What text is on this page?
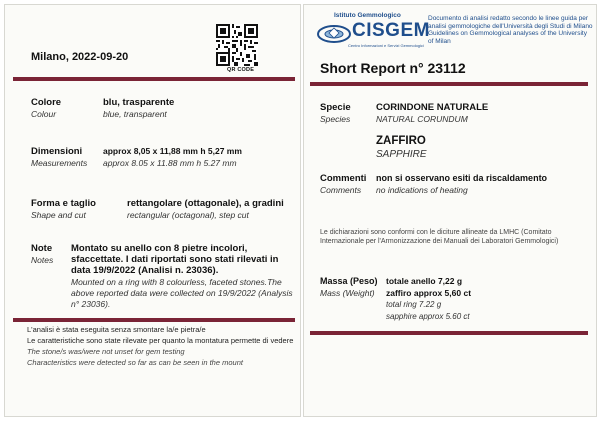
Milano, 2022-09-20
QR CODE
Colore
Colour
blu, trasparente
blue, transparent
Dimensioni
Measurements
approx 8,05 x 11,88 mm h 5,27 mm
approx 8.05 x 11.88 mm h 5.27 mm
Forma e taglio
Shape and cut
rettangolare (ottagonale), a gradini
rectangular (octagonal), step cut
Note
Notes
Montato su anello con 8 pietre incolori, sfaccettate. I dati riportati sono stati rilevati in data 19/9/2022 (Analisi n. 23036).
Mounted on a ring with 8 colourless, faceted stones.The above reported data were collected on 19/9/2022 (Analysis n° 23036).
L'analisi è stata eseguita senza smontare la/e pietra/e
Le caratteristiche sono state rilevate per quanto la montatura permette di vedere
The stone/s was/were not unset for gem testing
Characteristics were detected so far as can be seen in the mount
Istituto Gemmologico
CISGEM
Centro Informazioni e Servizi Gemmologici
Documento di analisi redatto secondo le linee guida per analisi gemmologiche dell'Università degli Studi di Milano Guidelines on Gemmological analyses of the University of Milan
Short Report n° 23112
Specie
Species
CORINDONE NATURALE
NATURAL CORUNDUM
ZAFFIRO
SAPPHIRE
Commenti
Comments
non si osservano esiti da riscaldamento
no indications of heating
Le dichiarazioni sono conformi con le diciture allineate da LMHC (Comitato Internazionale per l'Armonizzazione dei Manuali dei Laboratori Gemmologici)
Massa (Peso)
Mass (Weight)
totale anello 7,22 g
zaffiro approx 5,60 ct
total ring 7.22 g
sapphire approx 5.60 ct
